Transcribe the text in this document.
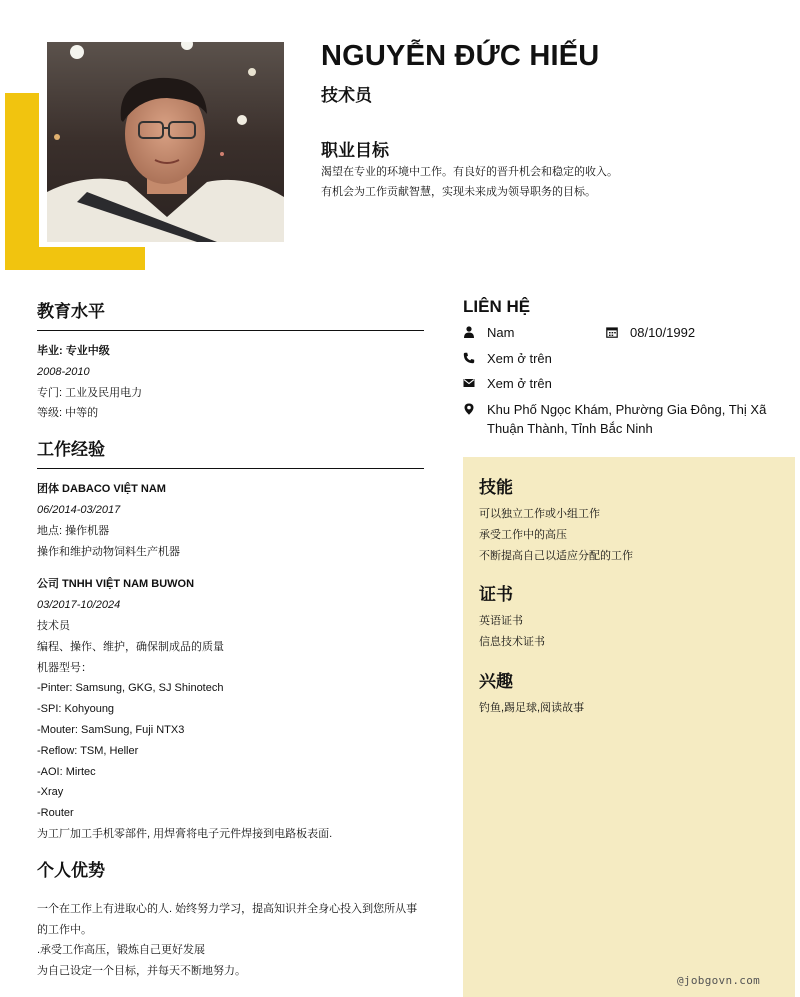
NGUYỄN ĐỨC HIẾU
技术员
职业目标
渴望在专业的环境中工作。有良好的晋升机会和稳定的收入。
有机会为工作贡献智慧，实现未来成为领导职务的目标。
教育水平
毕业: 专业中级
2008-2010
专门: 工业及民用电力
等级: 中等的
工作经验
团体 DABACO VIỆT NAM
06/2014-03/2017
地点: 操作机器
操作和维护动物饲料生产机器
公司 TNHH VIỆT NAM BUWON
03/2017-10/2024
技术员
编程、操作、维护，确保制成品的质量
机器型号：
-Pinter: Samsung, GKG, SJ Shinotech
-SPI: Kohyoung
-Mouter: SamSung, Fuji NTX3
-Reflow: TSM, Heller
-AOI: Mirtec
-Xray
-Router
为工厂加工手机零部件, 用焊膏将电子元件焊接到电路板表面.
个人优势
一个在工作上有进取心的人. 始终努力学习，提高知识并全身心投入到您所从事
的工作中。
.承受工作高压，锻炼自己更好发展
为自己设定一个目标，并每天不断地努力。
LIÊN HỆ
Nam	08/10/1992
Xem ở trên
Xem ở trên
Khu Phố Ngọc Khám, Phường Gia Đông, Thị Xã
Thuận Thành, Tỉnh Bắc Ninh
技能
可以独立工作或小组工作
承受工作中的高压
不断提高自己以适应分配的工作
证书
英语证书
信息技术证书
兴趣
钓鱼,踢足球,阅读故事
@jobgovn.com
